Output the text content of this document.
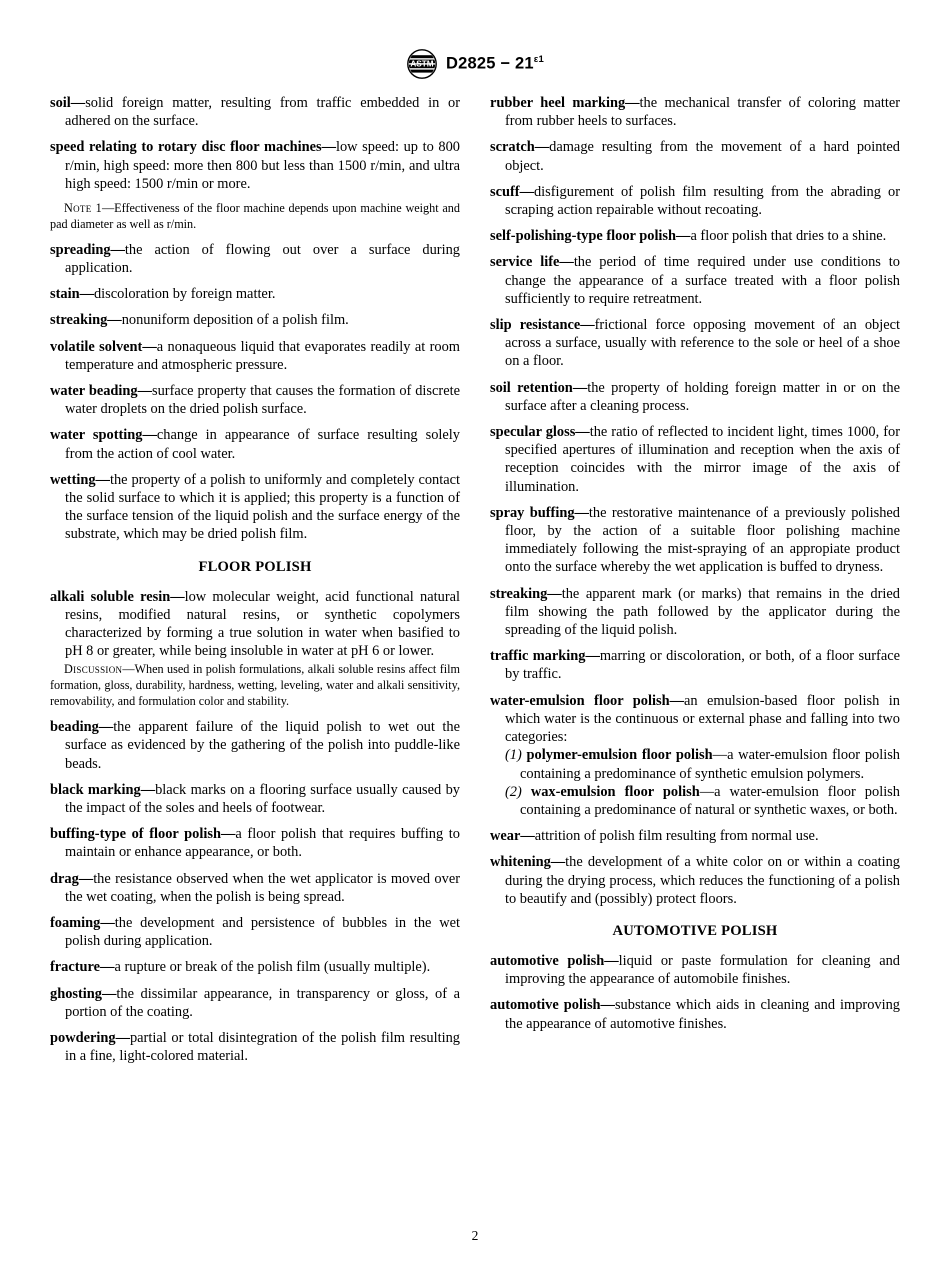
ASTM $D2825 - 21^{\varepsilon 1}$

soil—solid foreign matter, resulting from traffic embedded in or adhered on the surface.

speed relating to rotary disc floor machines—low speed: up to 800 r/min, high speed: more then 800 but less than 1500 r/min, and ultra high speed: 1500 r/min or more.

Note 1—Effectiveness of the floor machine depends upon machine weight and pad diameter as well as r/min.

spreading—the action of flowing out over a surface during application.

stain—discoloration by foreign matter.

streaking—nonuniform deposition of a polish film.

volatile solvent—a nonaqueous liquid that evaporates readily at room temperature and atmospheric pressure.

water beading—surface property that causes the formation of discrete water droplets on the dried polish surface.

water spotting—change in appearance of surface resulting solely from the action of cool water.

wetting—the property of a polish to uniformly and completely contact the solid surface to which it is applied; this property is a function of the surface tension of the liquid polish and the surface energy of the substrate, which may be dried polish film.

FLOOR POLISH

alkali soluble resin—low molecular weight, acid functional natural resins, modified natural resins, or synthetic copolymers characterized by forming a true solution in water when basified to pH 8 or greater, while being insoluble in water at pH 6 or lower.

Discussion—When used in polish formulations, alkali soluble resins affect film formation, gloss, durability, hardness, wetting, leveling, water and alkali sensitivity, removability, and formulation color and stability.

beading—the apparent failure of the liquid polish to wet out the surface as evidenced by the gathering of the polish into puddle-like beads.

black marking—black marks on a flooring surface usually caused by the impact of the soles and heels of footwear.

buffing-type of floor polish—a floor polish that requires buffing to maintain or enhance appearance, or both.

drag—the resistance observed when the wet applicator is moved over the wet coating, when the polish is being spread.

foaming—the development and persistence of bubbles in the wet polish during application.

fracture—a rupture or break of the polish film (usually multiple).

ghosting—the dissimilar appearance, in transparency or gloss, of a portion of the coating.

powdering—partial or total disintegration of the polish film resulting in a fine, light-colored material.

rubber heel marking—the mechanical transfer of coloring matter from rubber heels to surfaces.

scratch—damage resulting from the movement of a hard pointed object.

scuff—disfigurement of polish film resulting from the abrading or scraping action repairable without recoating.

self-polishing-type floor polish—a floor polish that dries to a shine.

service life—the period of time required under use conditions to change the appearance of a surface treated with a floor polish sufficiently to require retreatment.

slip resistance—frictional force opposing movement of an object across a surface, usually with reference to the sole or heel of a shoe on a floor.

soil retention—the property of holding foreign matter in or on the surface after a cleaning process.

specular gloss—the ratio of reflected to incident light, times 1000, for specified apertures of illumination and reception when the axis of reception coincides with the mirror image of the axis of illumination.

spray buffing—the restorative maintenance of a previously polished floor, by the action of a suitable floor polishing machine immediately following the mist-spraying of an appropiate product onto the surface whereby the wet application is buffed to dryness.

streaking—the apparent mark (or marks) that remains in the dried film showing the path followed by the applicator during the spreading of the liquid polish.

traffic marking—marring or discoloration, or both, of a floor surface by traffic.

water-emulsion floor polish—an emulsion-based floor polish in which water is the continuous or external phase and falling into two categories:

(1) polymer-emulsion floor polish—a water-emulsion floor polish containing a predominance of synthetic emulsion polymers.

(2) wax-emulsion floor polish—a water-emulsion floor polish containing a predominance of natural or synthetic waxes, or both.

wear—attrition of polish film resulting from normal use.

whitening—the development of a white color on or within a coating during the drying process, which reduces the functioning of a polish to beautify and (possibly) protect floors.

AUTOMOTIVE POLISH

automotive polish—liquid or paste formulation for cleaning and improving the appearance of automobile finishes.

automotive polish—substance which aids in cleaning and improving the appearance of automotive finishes.

2
